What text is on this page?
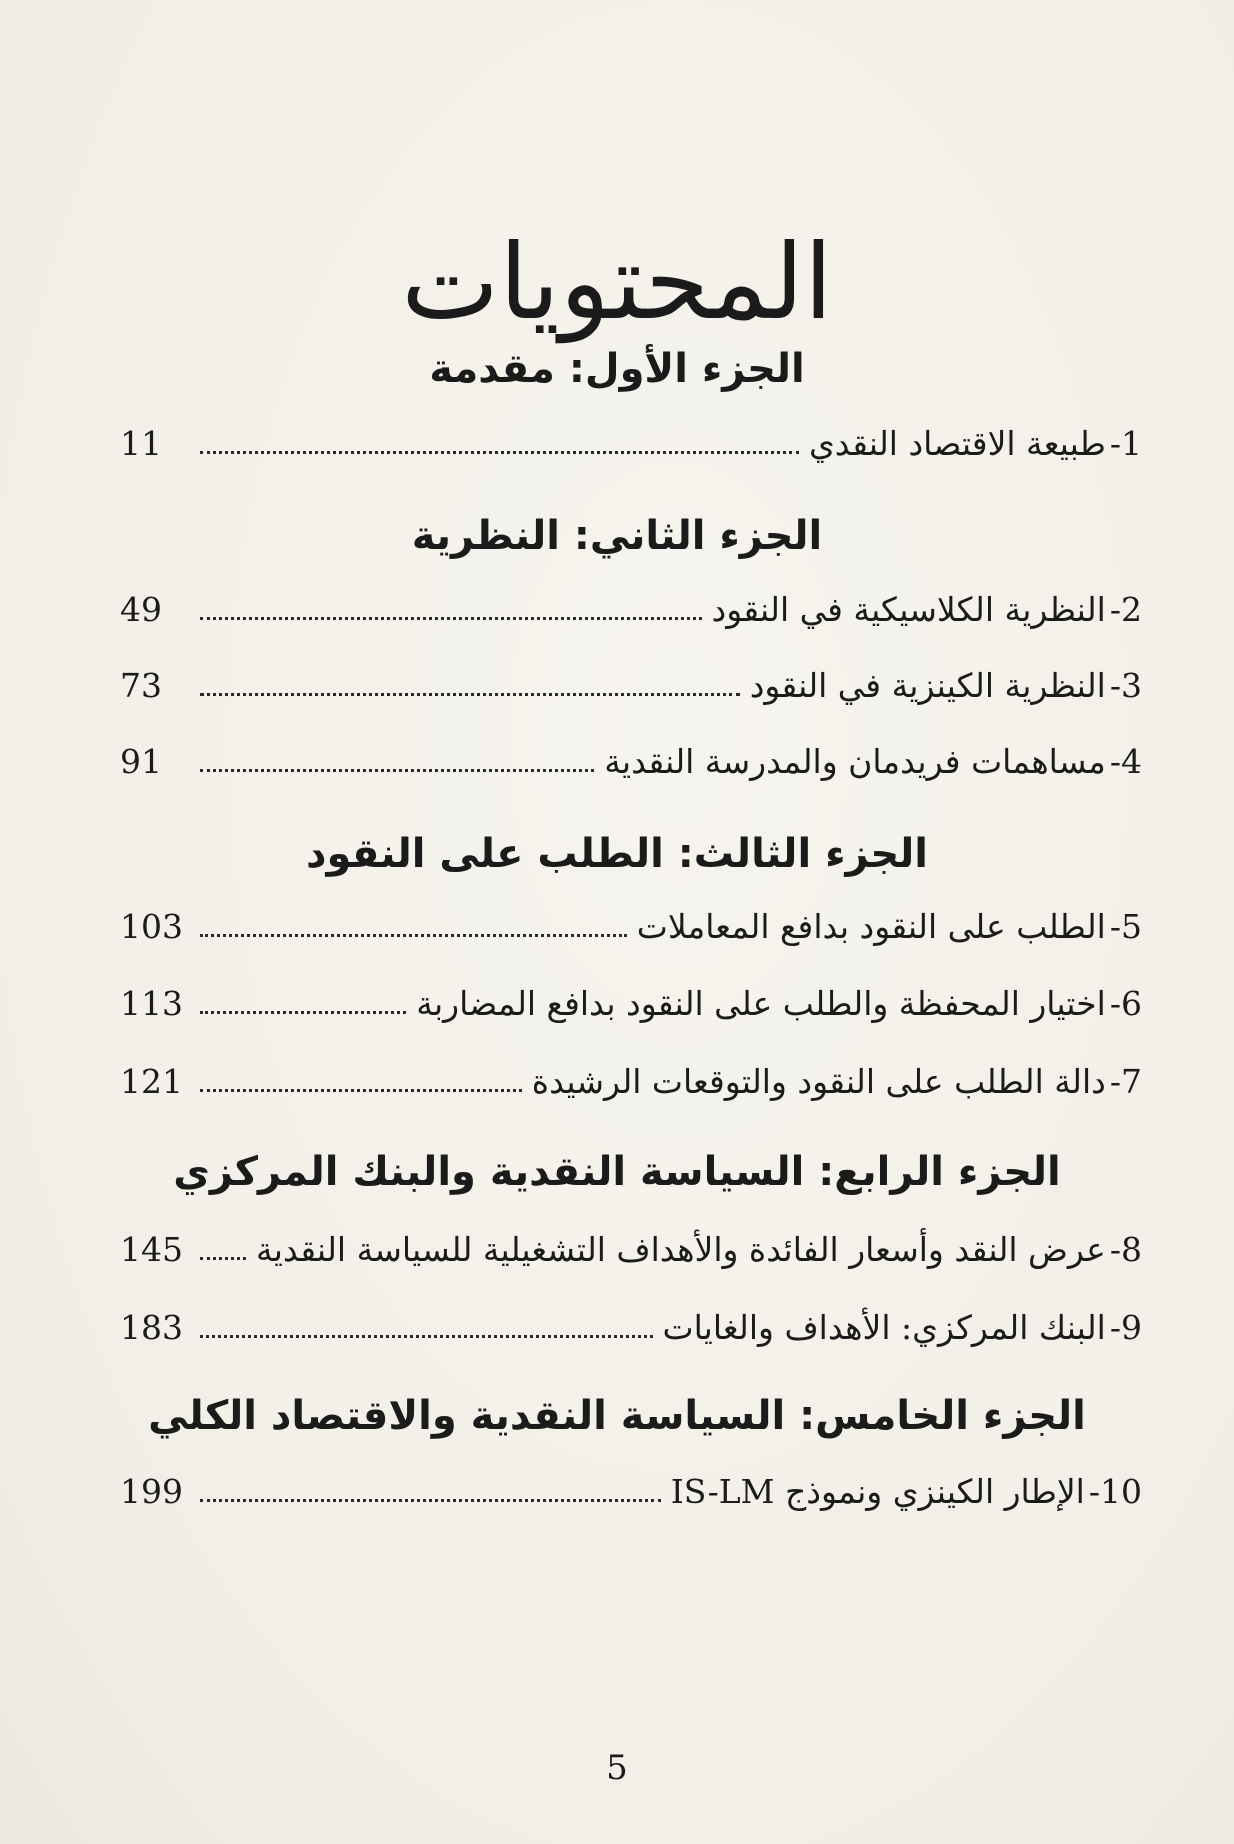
المحتويات
الجزء الأول: مقدمة
1-
طبيعة الاقتصاد النقدي
11
الجزء الثاني: النظرية
2-
النظرية الكلاسيكية في النقود
49
3-
النظرية الكينزية في النقود
73
4-
مساهمات فريدمان والمدرسة النقدية
91
الجزء الثالث: الطلب على النقود
5-
الطلب على النقود بدافع المعاملات
103
6-
اختيار المحفظة والطلب على النقود بدافع المضاربة
113
7-
دالة الطلب على النقود والتوقعات الرشيدة
121
الجزء الرابع: السياسة النقدية والبنك المركزي
8-
عرض النقد وأسعار الفائدة والأهداف التشغيلية للسياسة النقدية
145
9-
البنك المركزي: الأهداف والغايات
183
الجزء الخامس: السياسة النقدية والاقتصاد الكلي
10-
الإطار الكينزي ونموذج IS-LM
199
5
